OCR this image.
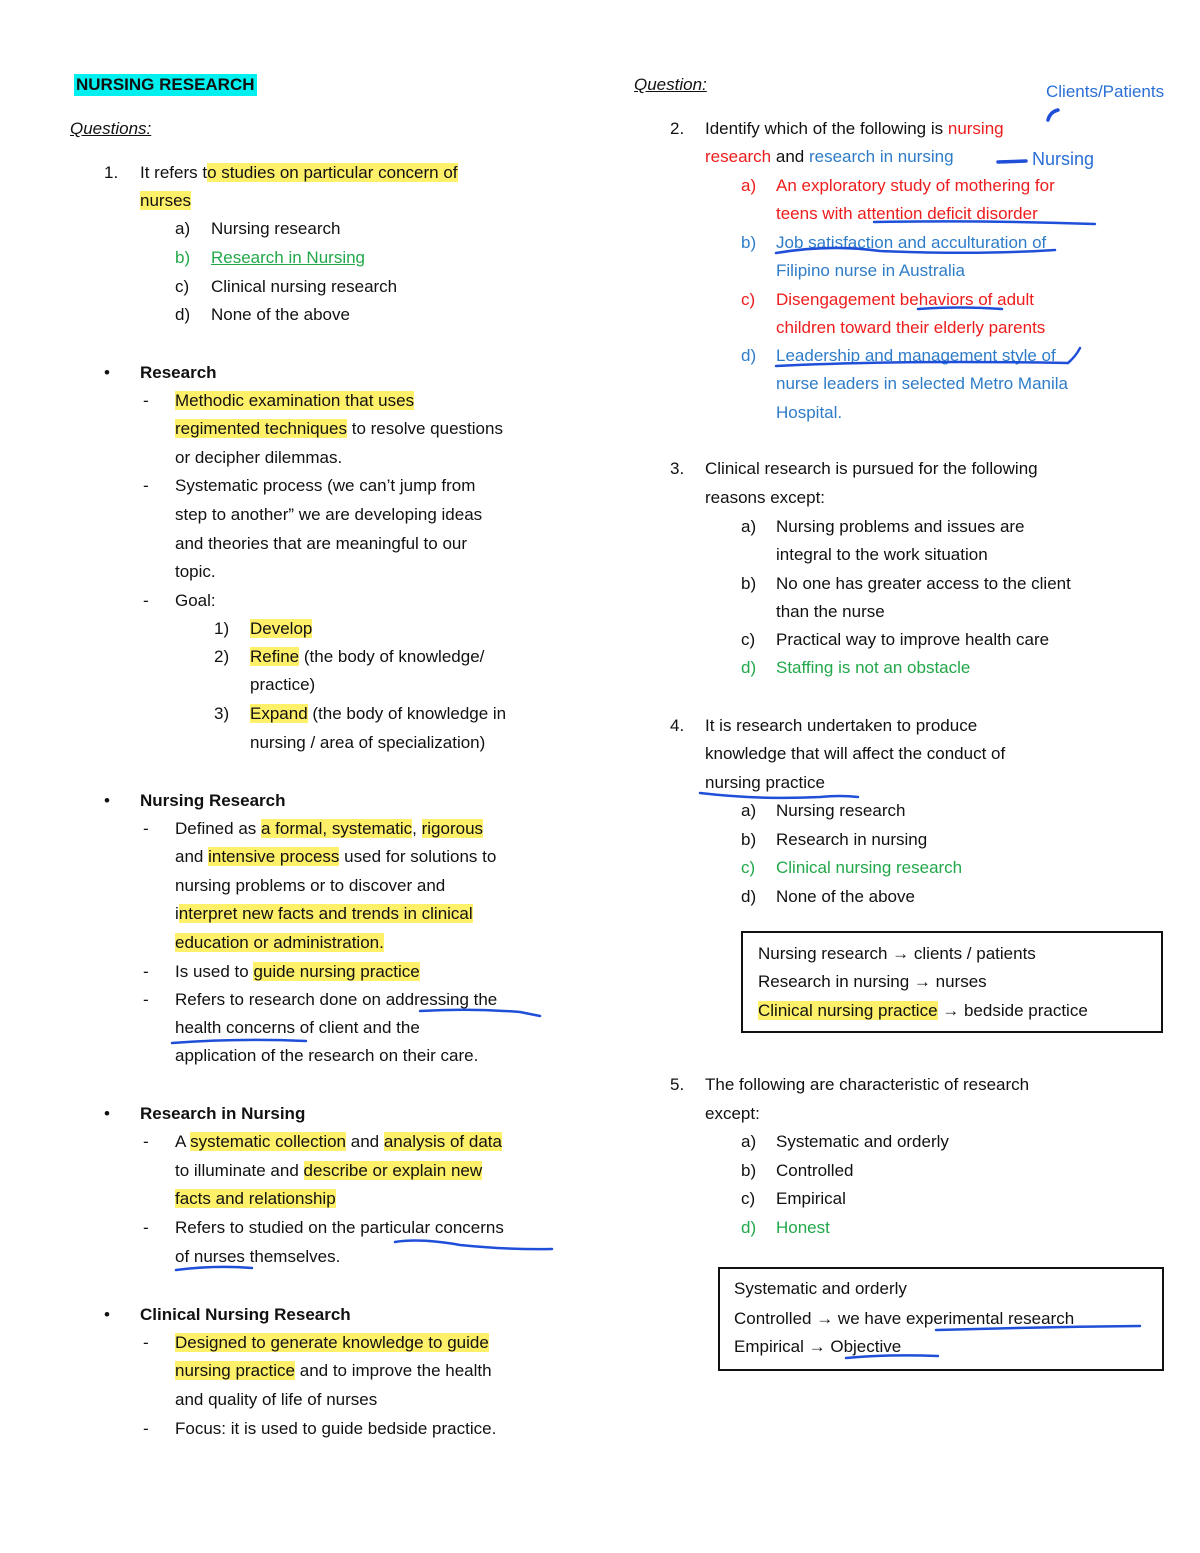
NURSING RESEARCH
Questions:
1. It refers to studies on particular concern of
nurses
a) Nursing research
b) Research in Nursing
c) Clinical nursing research
d) None of the above
• Research
- Methodic examination that uses
regimented techniques to resolve questions
or decipher dilemmas.
- Systematic process (we can’t jump from
step to another” we are developing ideas
and theories that are meaningful to our
topic.
- Goal:
1) Develop
2) Refine (the body of knowledge/
practice)
3) Expand (the body of knowledge in
nursing / area of specialization)
• Nursing Research
- Defined as a formal, systematic, rigorous
and intensive process used for solutions to
nursing problems or to discover and
interpret new facts and trends in clinical
education or administration.
- Is used to guide nursing practice
- Refers to research done on addressing the
health concerns of client and the
application of the research on their care.
• Research in Nursing
- A systematic collection and analysis of data
to illuminate and describe or explain new
facts and relationship
- Refers to studied on the particular concerns
of nurses themselves.
• Clinical Nursing Research
- Designed to generate knowledge to guide
nursing practice and to improve the health
and quality of life of nurses
- Focus: it is used to guide bedside practice.
Question:	Clients/Patients
2. Identify which of the following is nursing
research and research in nursing	Nursing
a) An exploratory study of mothering for
teens with attention deficit disorder
b) Job satisfaction and acculturation of
Filipino nurse in Australia
c) Disengagement behaviors of adult
children toward their elderly parents
d) Leadership and management style of
nurse leaders in selected Metro Manila
Hospital.
3. Clinical research is pursued for the following
reasons except:
a) Nursing problems and issues are
integral to the work situation
b) No one has greater access to the client
than the nurse
c) Practical way to improve health care
d) Staffing is not an obstacle
4. It is research undertaken to produce
knowledge that will affect the conduct of
nursing practice
a) Nursing research
b) Research in nursing
c) Clinical nursing research
d) None of the above
Nursing research → clients / patients
Research in nursing → nurses
Clinical nursing practice → bedside practice
5. The following are characteristic of research
except:
a) Systematic and orderly
b) Controlled
c) Empirical
d) Honest
Systematic and orderly
Controlled → we have experimental research
Empirical → Objective
